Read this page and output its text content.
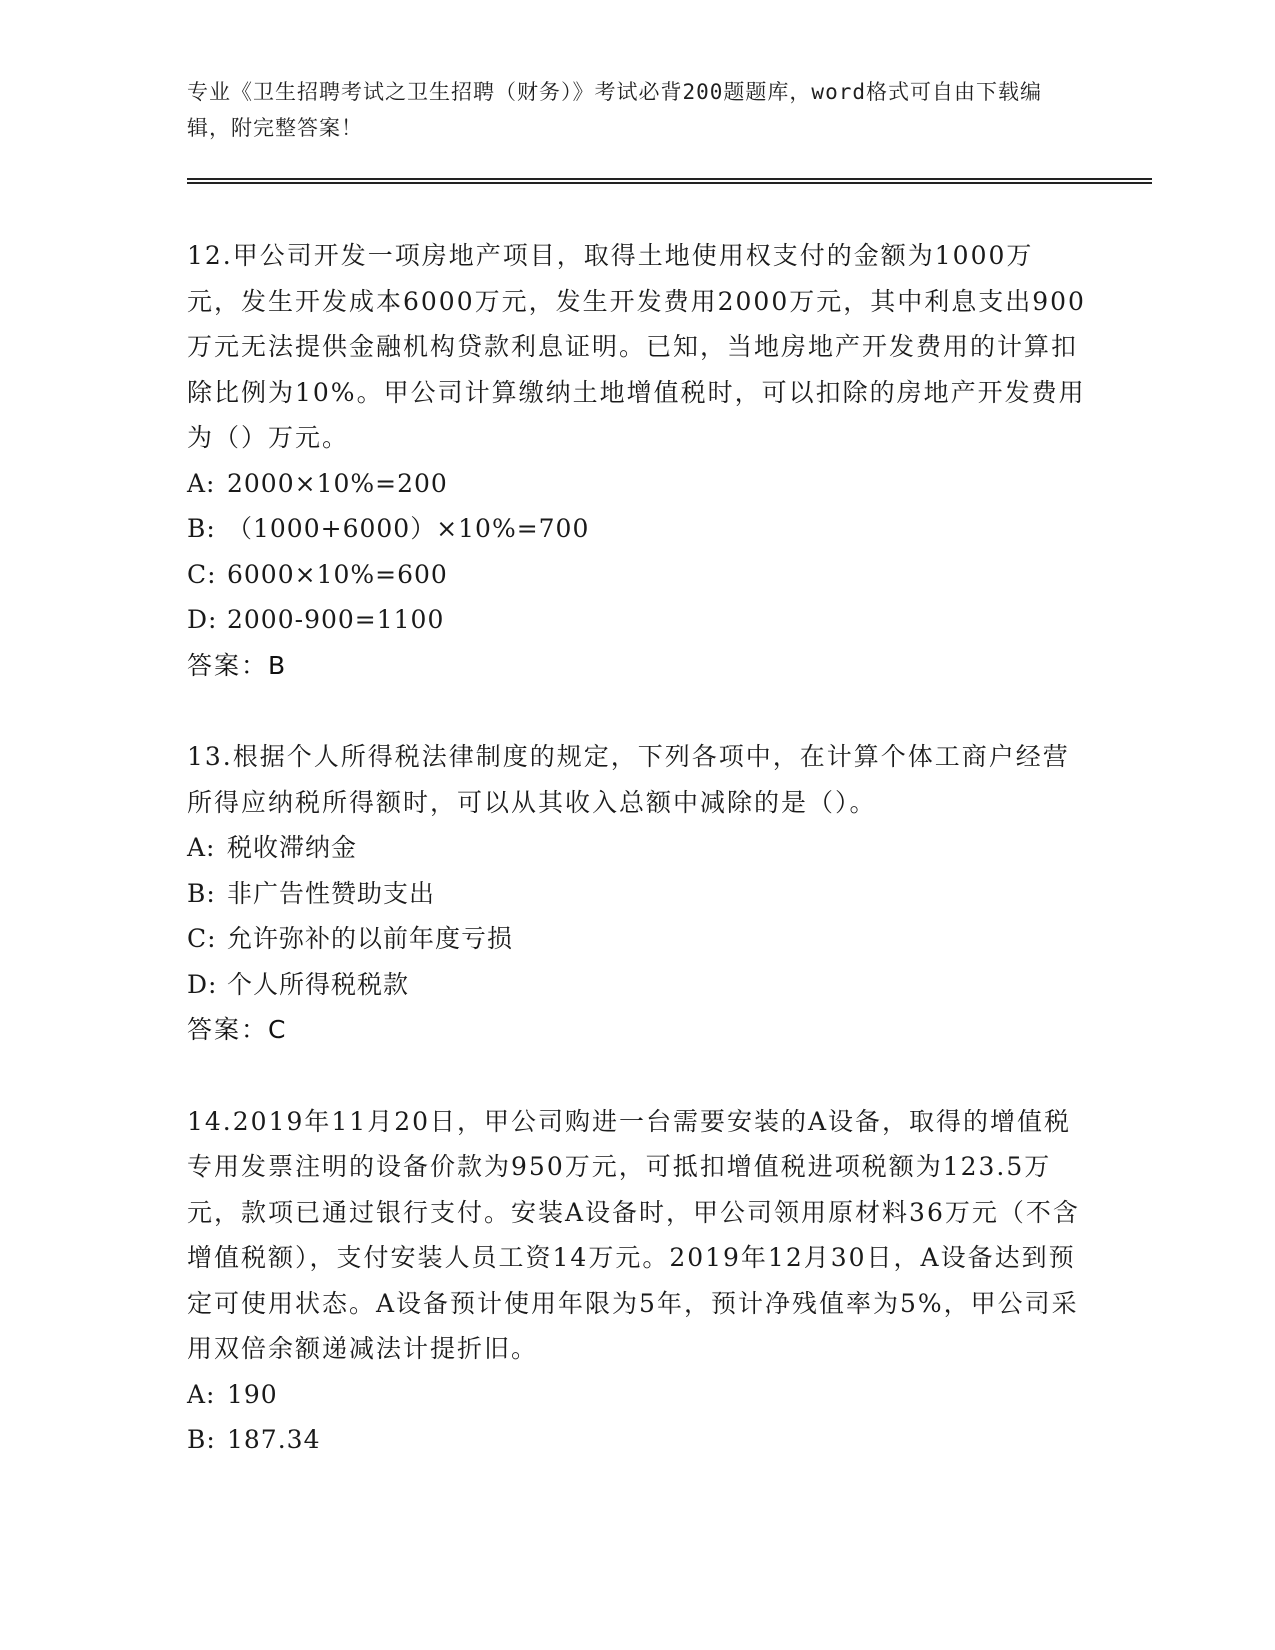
专业《卫生招聘考试之卫生招聘（财务）》考试必背200题题库，word格式可自由下载编辑，附完整答案！

12.甲公司开发一项房地产项目，取得土地使用权支付的金额为1000万元，发生开发成本6000万元，发生开发费用2000万元，其中利息支出900万元无法提供金融机构贷款利息证明。已知，当地房地产开发费用的计算扣除比例为10%。甲公司计算缴纳土地增值税时，可以扣除的房地产开发费用为（）万元。

A: 2000×10%=200

B: （1000+6000）×10%=700

C: 6000×10%=600

D: 2000-900=1100

答案：B

13.根据个人所得税法律制度的规定，下列各项中，在计算个体工商户经营所得应纳税所得额时，可以从其收入总额中减除的是（）。

A: 税收滞纳金

B: 非广告性赞助支出

C: 允许弥补的以前年度亏损

D: 个人所得税税款

答案：C

14.2019年11月20日，甲公司购进一台需要安装的A设备，取得的增值税专用发票注明的设备价款为950万元，可抵扣增值税进项税额为123.5万元，款项已通过银行支付。安装A设备时，甲公司领用原材料36万元（不含增值税额），支付安装人员工资14万元。2019年12月30日，A设备达到预定可使用状态。A设备预计使用年限为5年，预计净残值率为5%，甲公司采用双倍余额递减法计提折旧。

A: 190

B: 187.34
